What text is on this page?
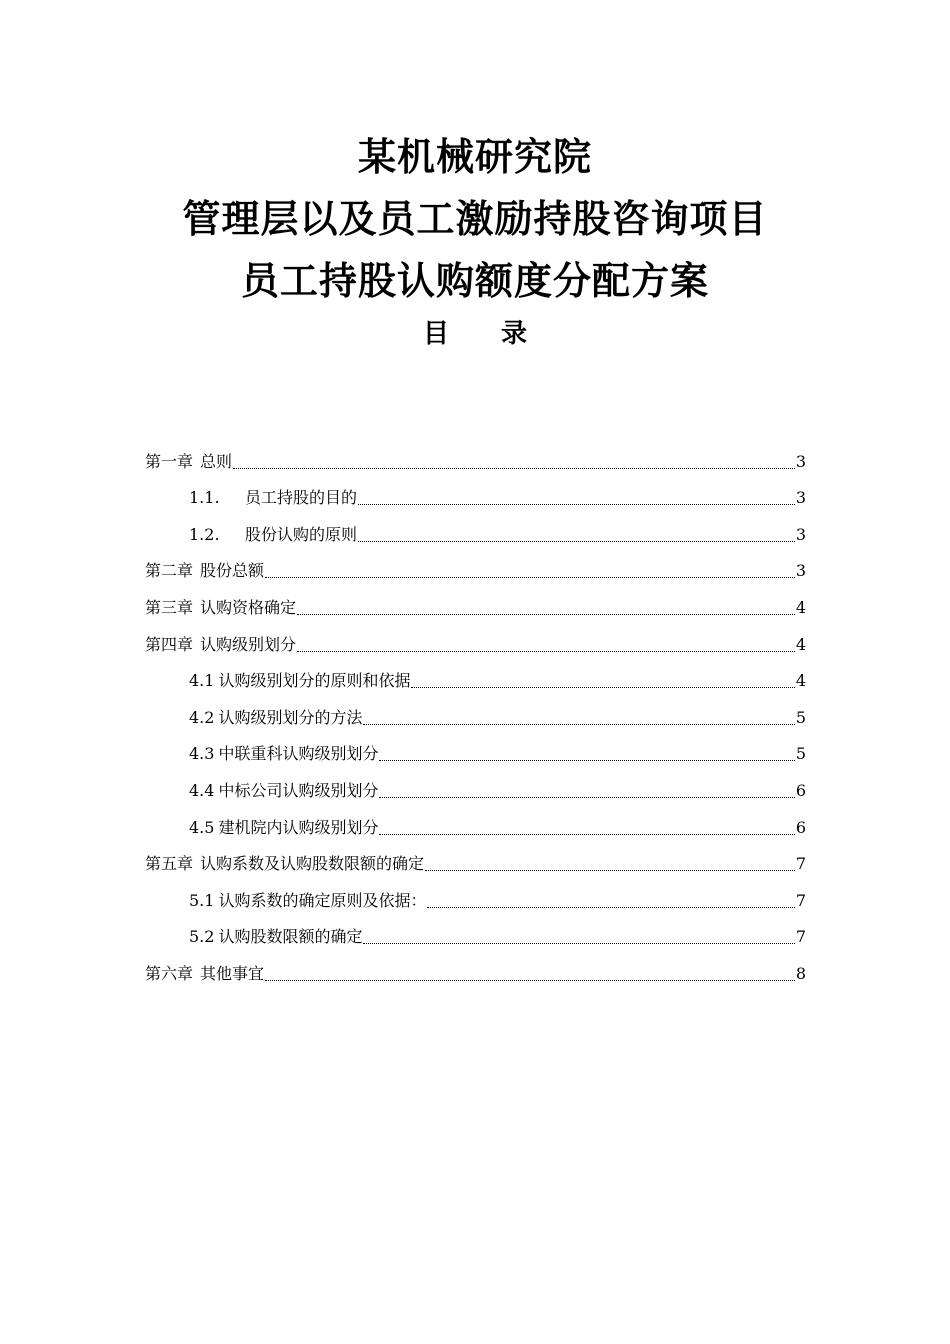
某机械研究院
管理层以及员工激励持股咨询项目
员工持股认购额度分配方案
目　　录
第一章 总则	3
1.1. 员工持股的目的	3
1.2. 股份认购的原则	3
第二章 股份总额	3
第三章 认购资格确定	4
第四章 认购级别划分	4
4.1 认购级别划分的原则和依据	4
4.2 认购级别划分的方法	5
4.3 中联重科认购级别划分	5
4.4 中标公司认购级别划分	6
4.5 建机院内认购级别划分	6
第五章 认购系数及认购股数限额的确定	7
5.1 认购系数的确定原则及依据：	7
5.2 认购股数限额的确定	7
第六章 其他事宜	8
